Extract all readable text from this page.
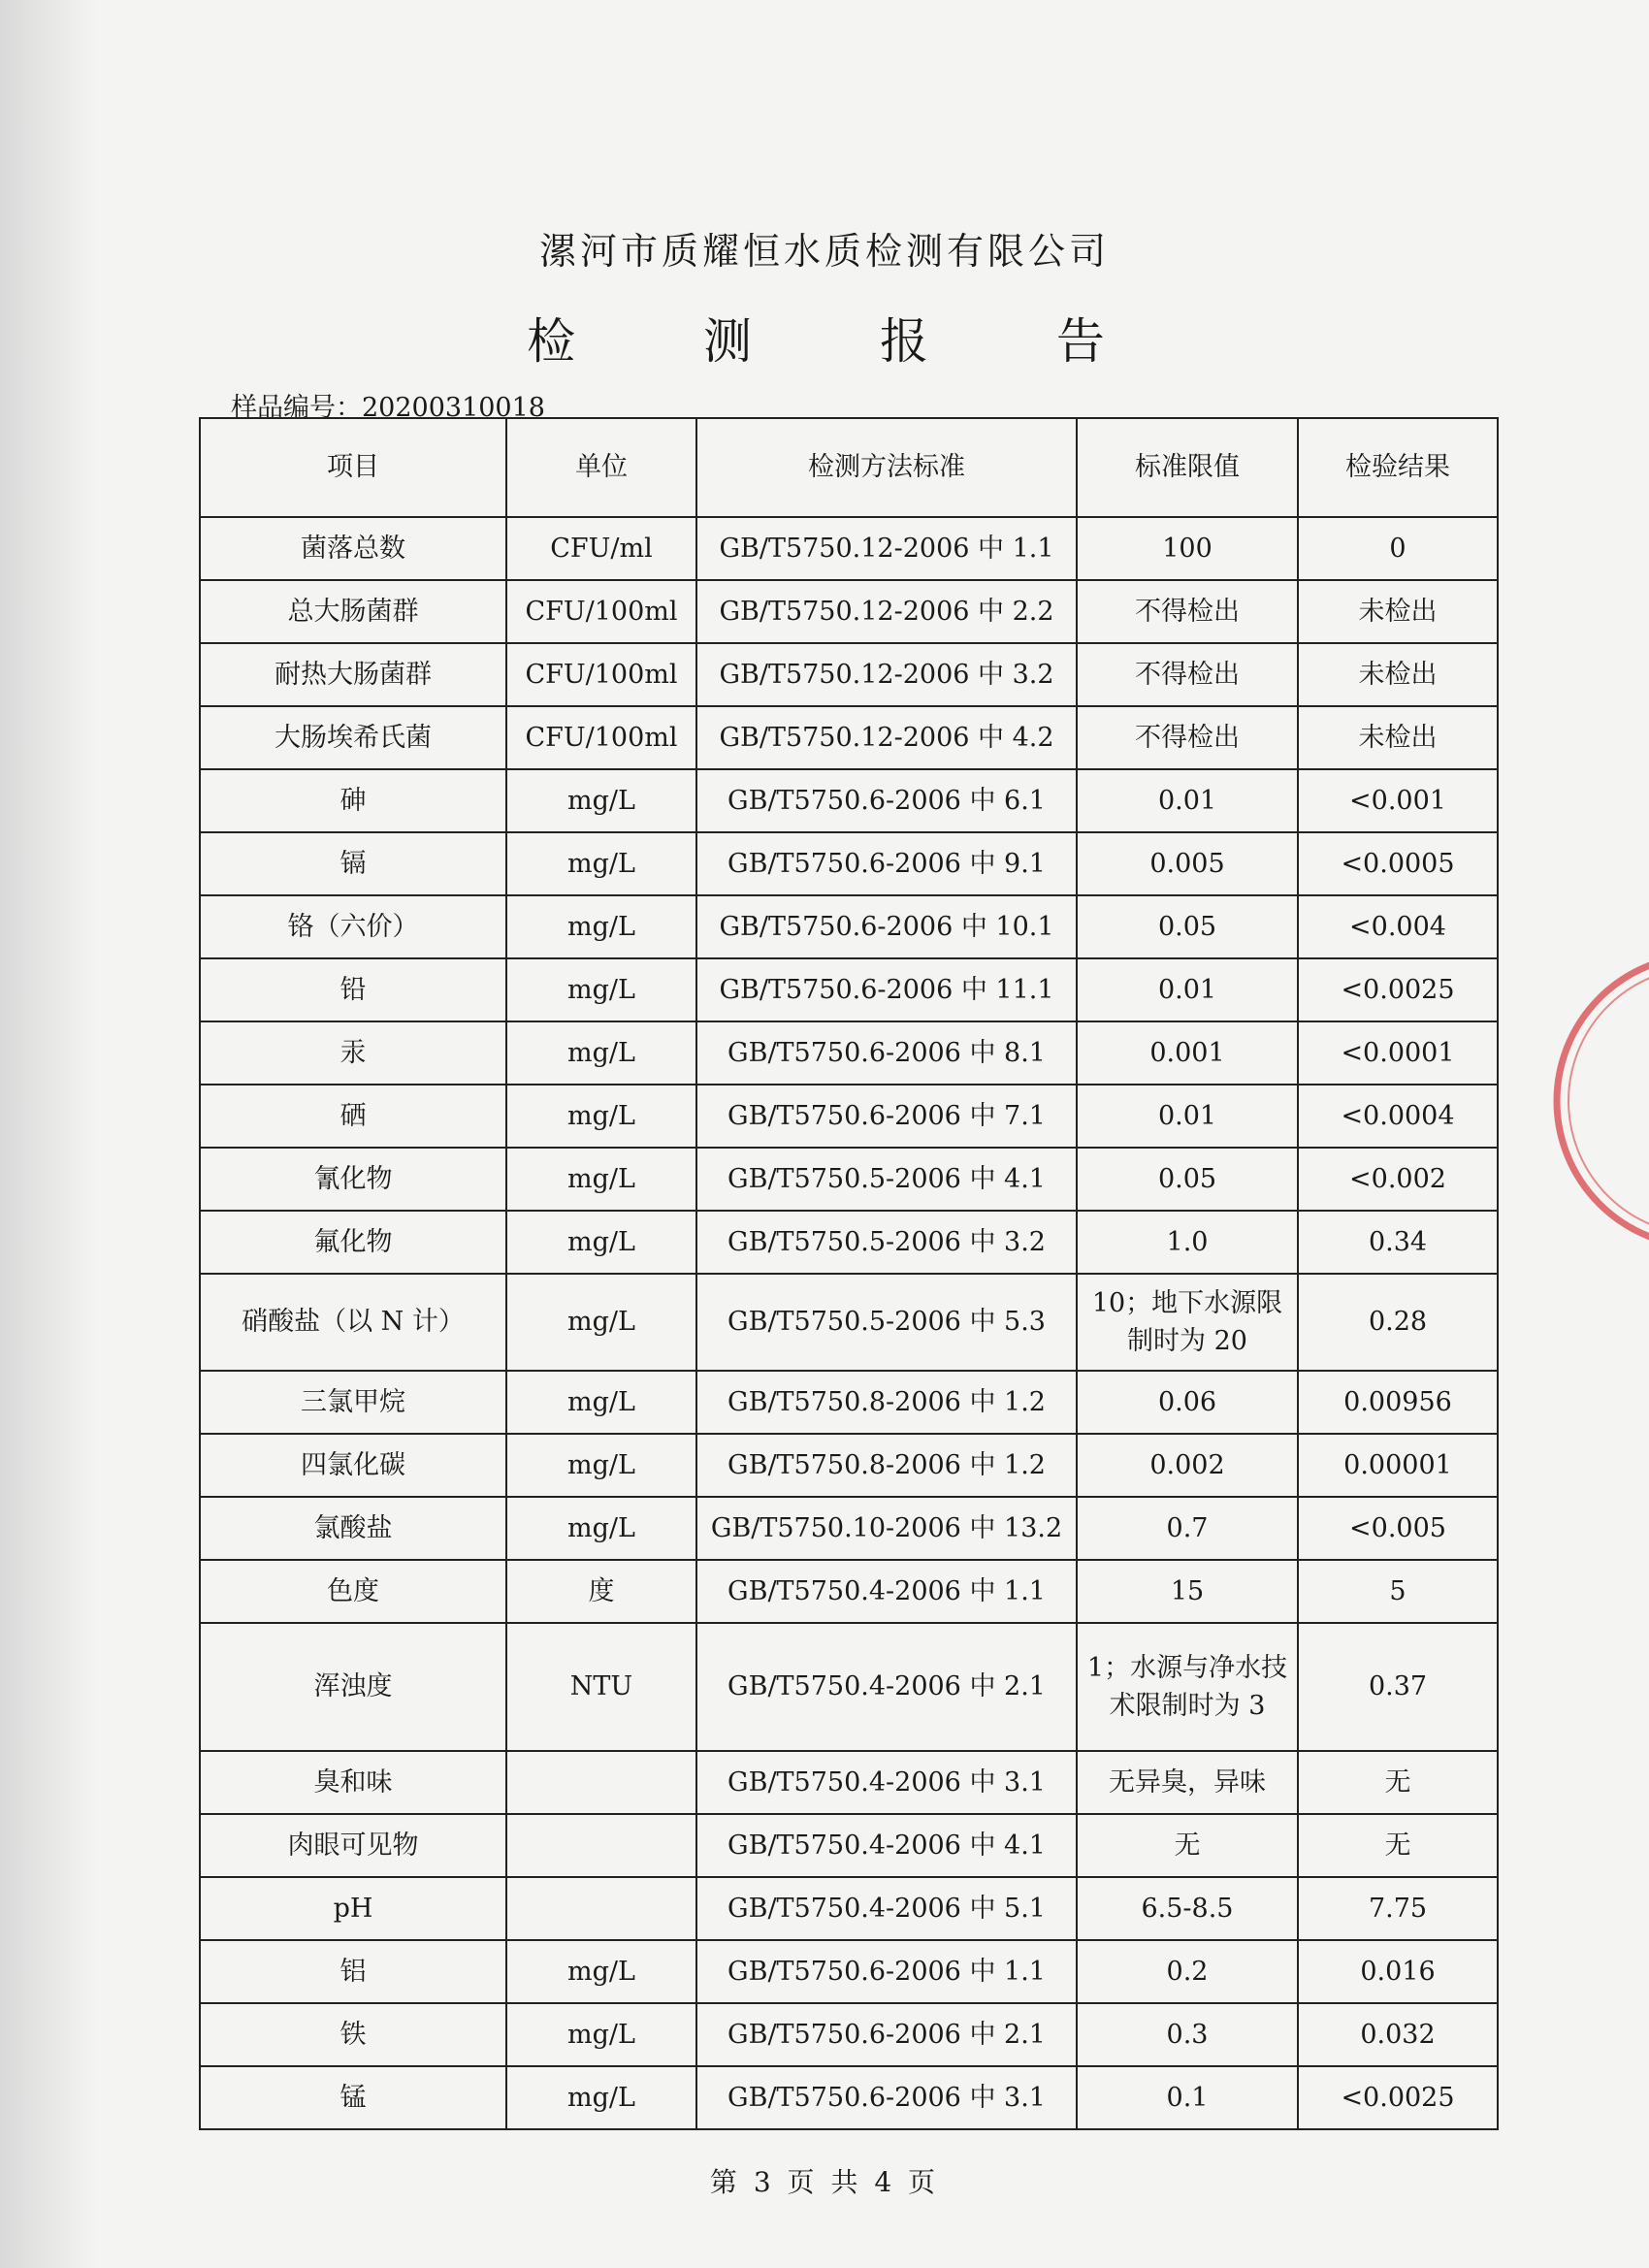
漯河市质耀恒水质检测有限公司
检 测 报 告
样品编号：20200310018
项目	单位	检测方法标准	标准限值	检验结果
菌落总数	CFU/ml	GB/T5750.12-2006 中 1.1	100	0
总大肠菌群	CFU/100ml	GB/T5750.12-2006 中 2.2	不得检出	未检出
耐热大肠菌群	CFU/100ml	GB/T5750.12-2006 中 3.2	不得检出	未检出
大肠埃希氏菌	CFU/100ml	GB/T5750.12-2006 中 4.2	不得检出	未检出
砷	mg/L	GB/T5750.6-2006 中 6.1	0.01	<0.001
镉	mg/L	GB/T5750.6-2006 中 9.1	0.005	<0.0005
铬（六价）	mg/L	GB/T5750.6-2006 中 10.1	0.05	<0.004
铅	mg/L	GB/T5750.6-2006 中 11.1	0.01	<0.0025
汞	mg/L	GB/T5750.6-2006 中 8.1	0.001	<0.0001
硒	mg/L	GB/T5750.6-2006 中 7.1	0.01	<0.0004
氰化物	mg/L	GB/T5750.5-2006 中 4.1	0.05	<0.002
氟化物	mg/L	GB/T5750.5-2006 中 3.2	1.0	0.34
硝酸盐（以 N 计）	mg/L	GB/T5750.5-2006 中 5.3	10；地下水源限制时为 20	0.28
三氯甲烷	mg/L	GB/T5750.8-2006 中 1.2	0.06	0.00956
四氯化碳	mg/L	GB/T5750.8-2006 中 1.2	0.002	0.00001
氯酸盐	mg/L	GB/T5750.10-2006 中 13.2	0.7	<0.005
色度	度	GB/T5750.4-2006 中 1.1	15	5
浑浊度	NTU	GB/T5750.4-2006 中 2.1	1；水源与净水技术限制时为 3	0.37
臭和味		GB/T5750.4-2006 中 3.1	无异臭，异味	无
肉眼可见物		GB/T5750.4-2006 中 4.1	无	无
pH		GB/T5750.4-2006 中 5.1	6.5-8.5	7.75
铝	mg/L	GB/T5750.6-2006 中 1.1	0.2	0.016
铁	mg/L	GB/T5750.6-2006 中 2.1	0.3	0.032
锰	mg/L	GB/T5750.6-2006 中 3.1	0.1	<0.0025
第 3 页 共 4 页
